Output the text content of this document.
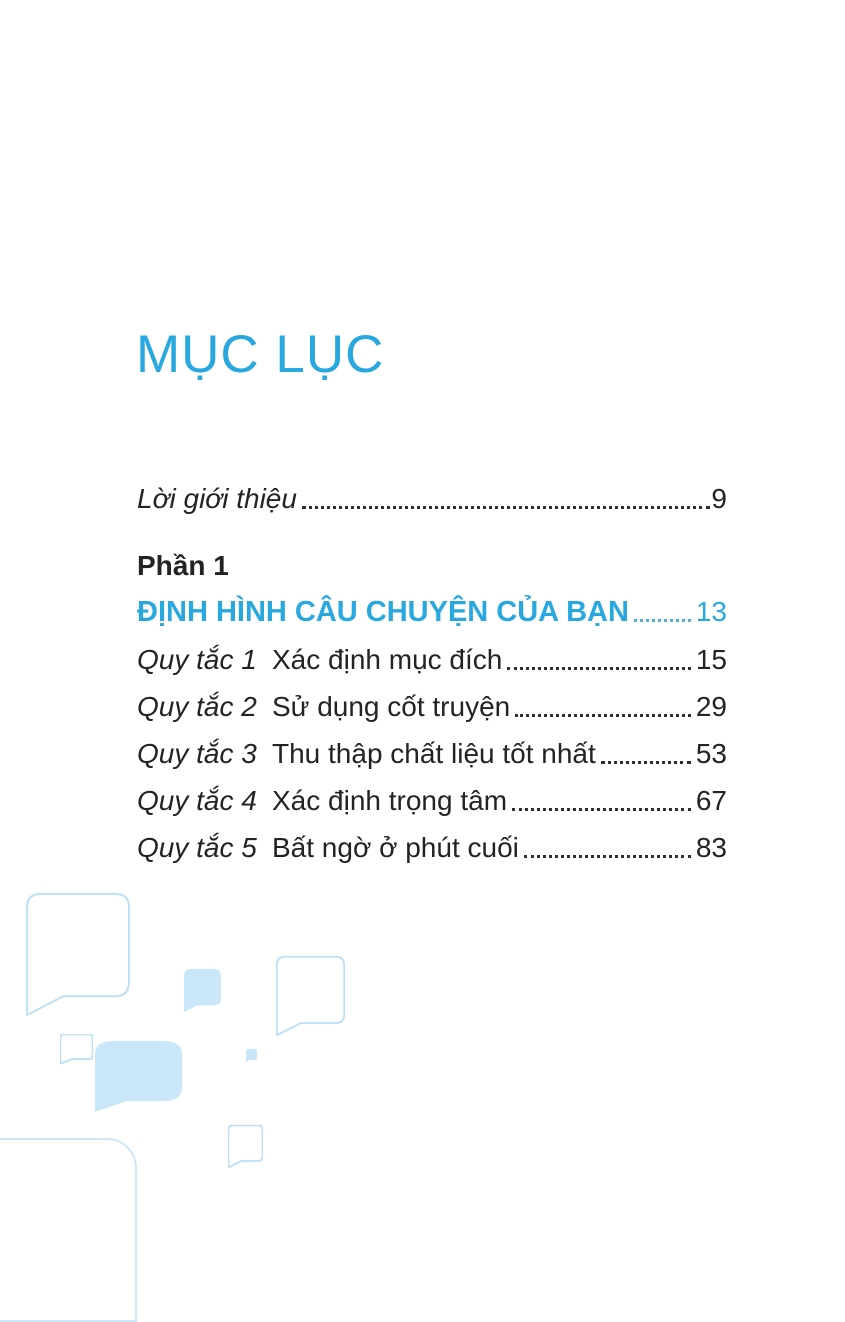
MỤC LỤC
Lời giới thiệu	9
Phần 1
ĐỊNH HÌNH CÂU CHUYỆN CỦA BẠN 13
Quy tắc 1 Xác định mục đích	15
Quy tắc 2 Sử dụng cốt truyện	29
Quy tắc 3 Thu thập chất liệu tốt nhất	53
Quy tắc 4 Xác định trọng tâm	67
Quy tắc 5 Bất ngờ ở phút cuối	83
